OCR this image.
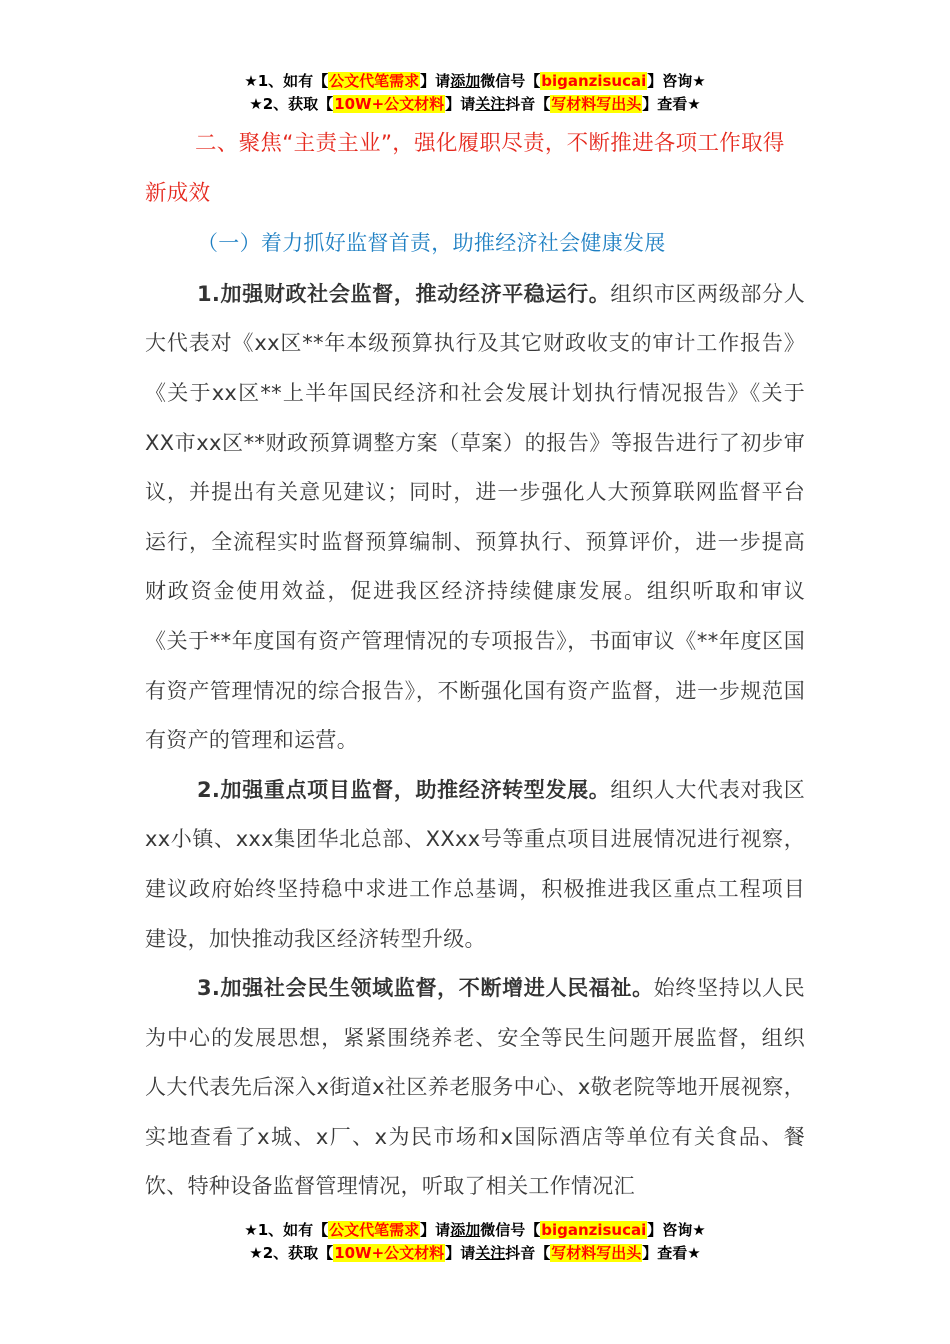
★1、如有【公文代笔需求】请添加微信号【biganzisucai】咨询★
★2、获取【10W+公文材料】请关注抖音【写材料写出头】查看★

二、聚焦“主责主业”，强化履职尽责，不断推进各项工作取得新成效

（一）着力抓好监督首责，助推经济社会健康发展

1.加强财政社会监督，推动经济平稳运行。组织市区两级部分人大代表对《xx区**年本级预算执行及其它财政收支的审计工作报告》《关于xx区**上半年国民经济和社会发展计划执行情况报告》《关于XX市xx区**财政预算调整方案（草案）的报告》等报告进行了初步审议，并提出有关意见建议；同时，进一步强化人大预算联网监督平台运行，全流程实时监督预算编制、预算执行、预算评价，进一步提高财政资金使用效益，促进我区经济持续健康发展。组织听取和审议《关于**年度国有资产管理情况的专项报告》，书面审议《**年度区国有资产管理情况的综合报告》，不断强化国有资产监督，进一步规范国有资产的管理和运营。

2.加强重点项目监督，助推经济转型发展。组织人大代表对我区xx小镇、xxx集团华北总部、XXxx号等重点项目进展情况进行视察，建议政府始终坚持稳中求进工作总基调，积极推进我区重点工程项目建设，加快推动我区经济转型升级。

3.加强社会民生领域监督，不断增进人民福祉。始终坚持以人民为中心的发展思想，紧紧围绕养老、安全等民生问题开展监督，组织人大代表先后深入x街道x社区养老服务中心、x敬老院等地开展视察，实地查看了x城、x厂、x为民市场和x国际酒店等单位有关食品、餐饮、特种设备监督管理情况，听取了相关工作情况汇

★1、如有【公文代笔需求】请添加微信号【biganzisucai】咨询★
★2、获取【10W+公文材料】请关注抖音【写材料写出头】查看★
